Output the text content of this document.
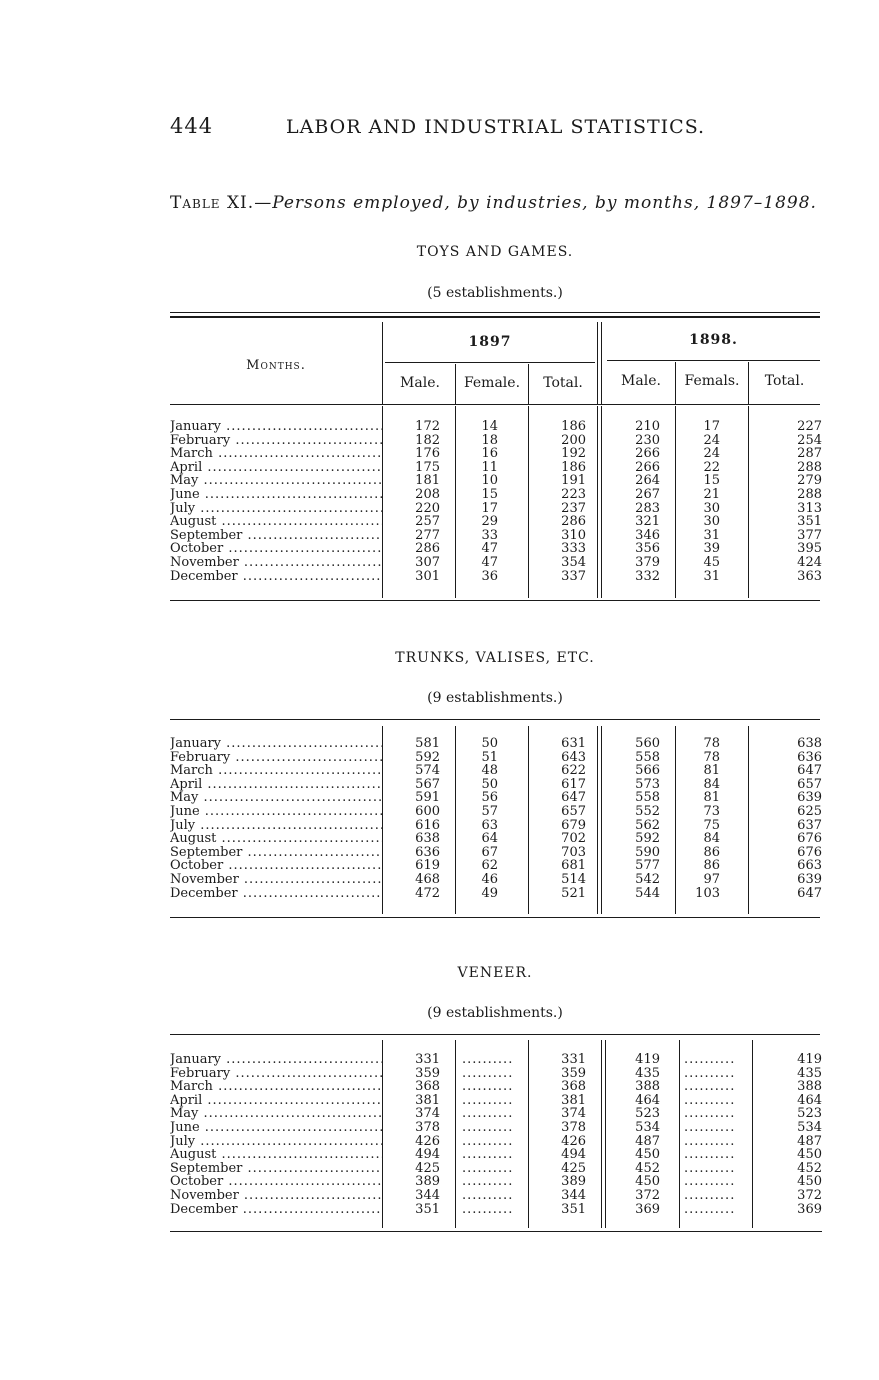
444	LABOR AND INDUSTRIAL STATISTICS.
Table XI.—Persons employed, by industries, by months, 1897–1898.
TOYS AND GAMES.
(5 establishments.)
Months.
1897	1898.
Male.	Female.	Total.	Male.	Femals.	Total.
January .....	172	14	186	210	17	227
February .....	182	18	200	230	24	254
March .....	176	16	192	266	24	287
April .....	175	11	186	266	22	288
May .....	181	10	191	264	15	279
June .....	208	15	223	267	21	288
July .....	220	17	237	283	30	313
August .....	257	29	286	321	30	351
September .....	277	33	310	346	31	377
October .....	286	47	333	356	39	395
November .....	307	47	354	379	45	424
December .....	301	36	337	332	31	363
TRUNKS, VALISES, ETC.
(9 establishments.)
January .....	581	50	631	560	78	638
February .....	592	51	643	558	78	636
March .....	574	48	622	566	81	647
April .....	567	50	617	573	84	657
May .....	591	56	647	558	81	639
June .....	600	57	657	552	73	625
July .....	616	63	679	562	75	637
August .....	638	64	702	592	84	676
September .....	636	67	703	590	86	676
October .....	619	62	681	577	86	663
November .....	468	46	514	542	97	639
December .....	472	49	521	544	103	647
VENEER.
(9 establishments.)
January .....	331 ..........	331	419 ..........	419
February .....	359 ..........	359	435 ..........	435
March .....	368 ..........	368	388 ..........	388
April .....	381 ..........	381	464 ..........	464
May .....	374 ..........	374	523 ..........	523
June .....	378 ..........	378	534 ..........	534
July .....	426 ..........	426	487 ..........	487
August .....	494 ..........	494	450 ..........	450
September .....	425 ..........	425	452 ..........	452
October .....	389 ..........	389	450 ..........	450
November .....	344 ..........	344	372 ..........	372
December .....	351 ..........	351	369 ..........	369
